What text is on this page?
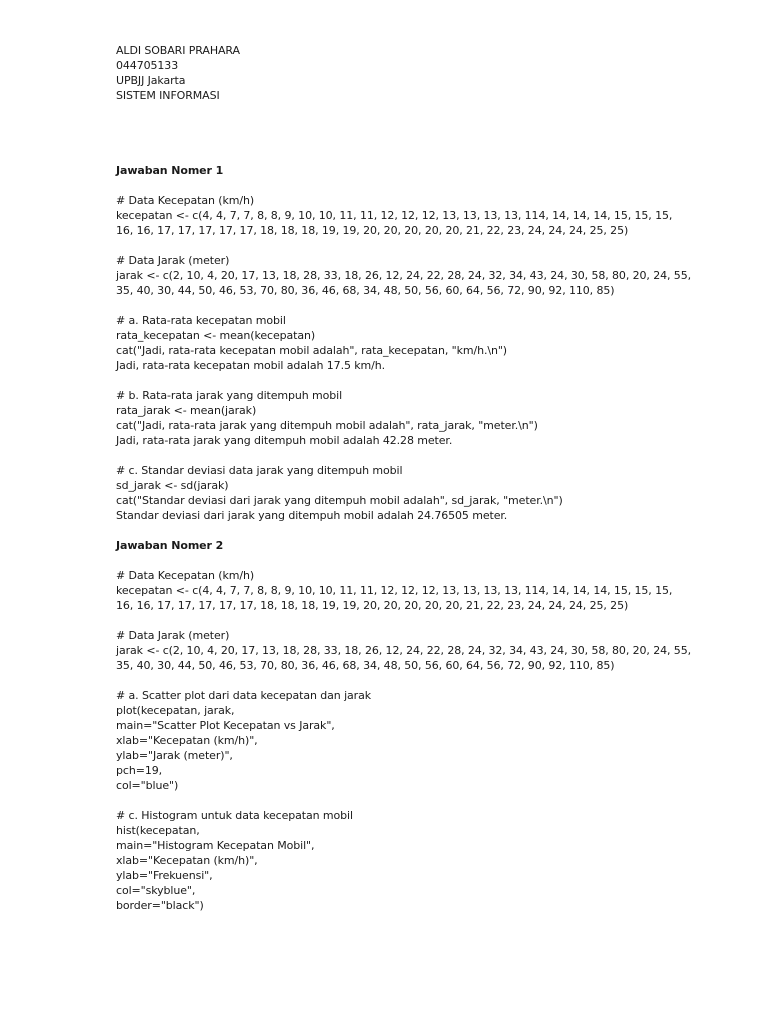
ALDI SOBARI PRAHARA
044705133
UPBJJ Jakarta
SISTEM INFORMASI
Jawaban Nomer 1
# Data Kecepatan (km/h)
kecepatan <- c(4, 4, 7, 7, 8, 8, 9, 10, 10, 11, 11, 12, 12, 12, 13, 13, 13, 13, 114, 14, 14, 14, 15, 15, 15,
16, 16, 17, 17, 17, 17, 17, 18, 18, 18, 19, 19, 20, 20, 20, 20, 20, 21, 22, 23, 24, 24, 24, 25, 25)
# Data Jarak (meter)
jarak <- c(2, 10, 4, 20, 17, 13, 18, 28, 33, 18, 26, 12, 24, 22, 28, 24, 32, 34, 43, 24, 30, 58, 80, 20, 24, 55,
35, 40, 30, 44, 50, 46, 53, 70, 80, 36, 46, 68, 34, 48, 50, 56, 60, 64, 56, 72, 90, 92, 110, 85)
# a. Rata-rata kecepatan mobil
rata_kecepatan <- mean(kecepatan)
cat("Jadi, rata-rata kecepatan mobil adalah", rata_kecepatan, "km/h.\n")
Jadi, rata-rata kecepatan mobil adalah 17.5 km/h.
# b. Rata-rata jarak yang ditempuh mobil
rata_jarak <- mean(jarak)
cat("Jadi, rata-rata jarak yang ditempuh mobil adalah", rata_jarak, "meter.\n")
Jadi, rata-rata jarak yang ditempuh mobil adalah 42.28 meter.
# c. Standar deviasi data jarak yang ditempuh mobil
sd_jarak <- sd(jarak)
cat("Standar deviasi dari jarak yang ditempuh mobil adalah", sd_jarak, "meter.\n")
Standar deviasi dari jarak yang ditempuh mobil adalah 24.76505 meter.
Jawaban Nomer 2
# Data Kecepatan (km/h)
kecepatan <- c(4, 4, 7, 7, 8, 8, 9, 10, 10, 11, 11, 12, 12, 12, 13, 13, 13, 13, 114, 14, 14, 14, 15, 15, 15,
16, 16, 17, 17, 17, 17, 17, 18, 18, 18, 19, 19, 20, 20, 20, 20, 20, 21, 22, 23, 24, 24, 24, 25, 25)
# Data Jarak (meter)
jarak <- c(2, 10, 4, 20, 17, 13, 18, 28, 33, 18, 26, 12, 24, 22, 28, 24, 32, 34, 43, 24, 30, 58, 80, 20, 24, 55,
35, 40, 30, 44, 50, 46, 53, 70, 80, 36, 46, 68, 34, 48, 50, 56, 60, 64, 56, 72, 90, 92, 110, 85)
# a. Scatter plot dari data kecepatan dan jarak
plot(kecepatan, jarak,
main="Scatter Plot Kecepatan vs Jarak",
xlab="Kecepatan (km/h)",
ylab="Jarak (meter)",
pch=19,
col="blue")
# c. Histogram untuk data kecepatan mobil
hist(kecepatan,
main="Histogram Kecepatan Mobil",
xlab="Kecepatan (km/h)",
ylab="Frekuensi",
col="skyblue",
border="black")
